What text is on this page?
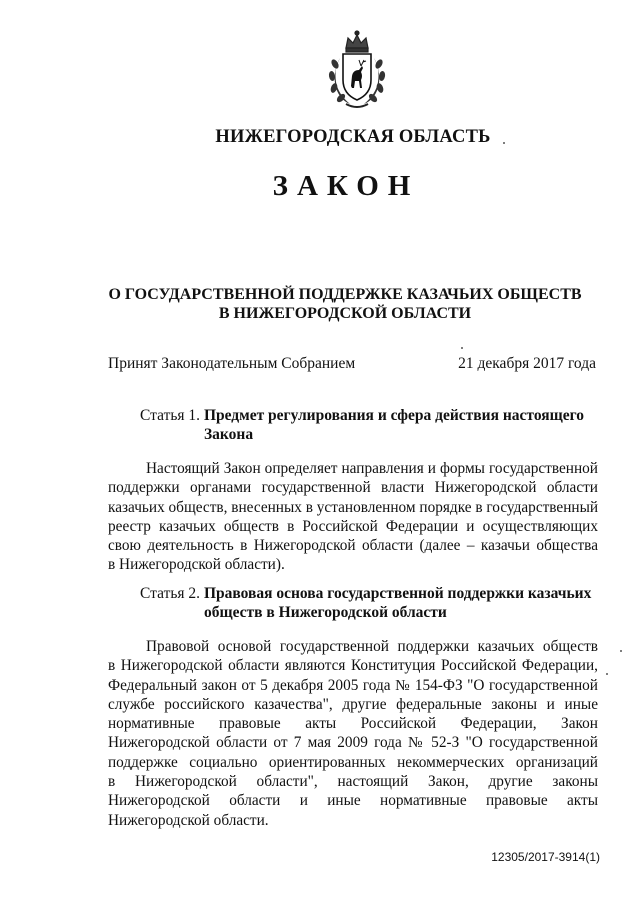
НИЖЕГОРОДСКАЯ ОБЛАСТЬ
ЗАКОН
О ГОСУДАРСТВЕННОЙ ПОДДЕРЖКЕ КАЗАЧЬИХ ОБЩЕСТВ
В НИЖЕГОРОДСКОЙ ОБЛАСТИ
Принят Законодательным Собранием	21 декабря 2017 года
Статья 1. Предмет регулирования и сфера действия настоящего
Закона
Настоящий Закон определяет направления и формы государственной
поддержки органами государственной власти Нижегородской области
казачьих обществ, внесенных в установленном порядке в государственный
реестр казачьих обществ в Российской Федерации и осуществляющих
свою деятельность в Нижегородской области (далее – казачьи общества
в Нижегородской области).
Статья 2. Правовая основа государственной поддержки казачьих
обществ в Нижегородской области
Правовой основой государственной поддержки казачьих обществ
в Нижегородской области являются Конституция Российской Федерации,
Федеральный закон от 5 декабря 2005 года № 154-ФЗ "О государственной
службе российского казачества", другие федеральные законы и иные
нормативные правовые акты Российской Федерации, Закон
Нижегородской области от 7 мая 2009 года № 52-З "О государственной
поддержке социально ориентированных некоммерческих организаций
в Нижегородской области", настоящий Закон, другие законы
Нижегородской области и иные нормативные правовые акты
Нижегородской области.
12305/2017-3914(1)
